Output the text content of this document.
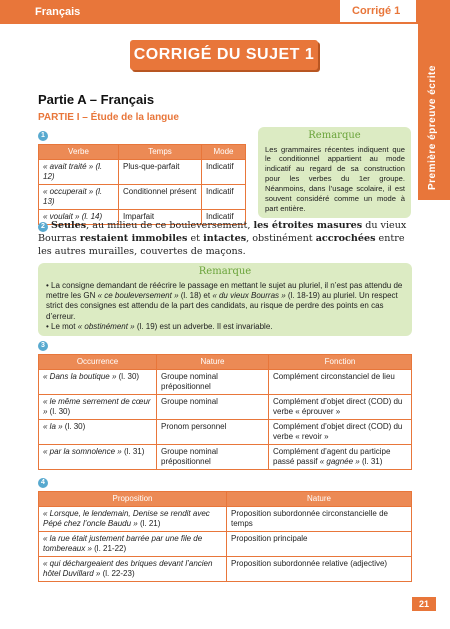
Français	Corrigé 1
Première épreuve écrite
CORRIGÉ DU SUJET 1
Partie A – Français
PARTIE I – Étude de la langue
1
Verbe	Temps	Mode
« avait traité » (l. 12)	Plus-que-parfait	Indicatif
« occuperait » (l. 13)	Conditionnel présent	Indicatif
« voulait » (l. 14)	Imparfait	Indicatif
Remarque
Les grammaires récentes indiquent que le conditionnel appartient au mode indicatif au regard de sa construction pour les verbes du 1er groupe. Néanmoins, dans l’usage scolaire, il est souvent considéré comme un mode à part entière.
2 Seules, au milieu de ce bouleversement, les étroites masures du vieux Bourras restaient immobiles et intactes, obstinément accrochées entre les autres murailles, couvertes de maçons.
Remarque
• La consigne demandant de réécrire le passage en mettant le sujet au pluriel, il n’est pas attendu de mettre les GN « ce bouleversement » (l. 18) et « du vieux Bourras » (l. 18-19) au pluriel. Un respect strict des consignes est attendu de la part des candidats, au risque de perdre des points en cas d’erreur.
• Le mot « obstinément » (l. 19) est un adverbe. Il est invariable.
3
Occurrence	Nature	Fonction
« Dans la boutique » (l. 30)	Groupe nominal prépositionnel	Complément circonstanciel de lieu
« le même serrement de cœur » (l. 30)	Groupe nominal	Complément d’objet direct (COD) du verbe « éprouver »
« la » (l. 30)	Pronom personnel	Complément d’objet direct (COD) du verbe « revoir »
« par la somnolence » (l. 31)	Groupe nominal prépositionnel	Complément d’agent du participe passé passif « gagnée » (l. 31)
4
Proposition	Nature
« Lorsque, le lendemain, Denise se rendit avec Pépé chez l’oncle Baudu » (l. 21)	Proposition subordonnée circonstancielle de temps
« la rue était justement barrée par une file de tombereaux » (l. 21-22)	Proposition principale
« qui déchargeaient des briques devant l’ancien hôtel Duvillard » (l. 22-23)	Proposition subordonnée relative (adjective)
21
